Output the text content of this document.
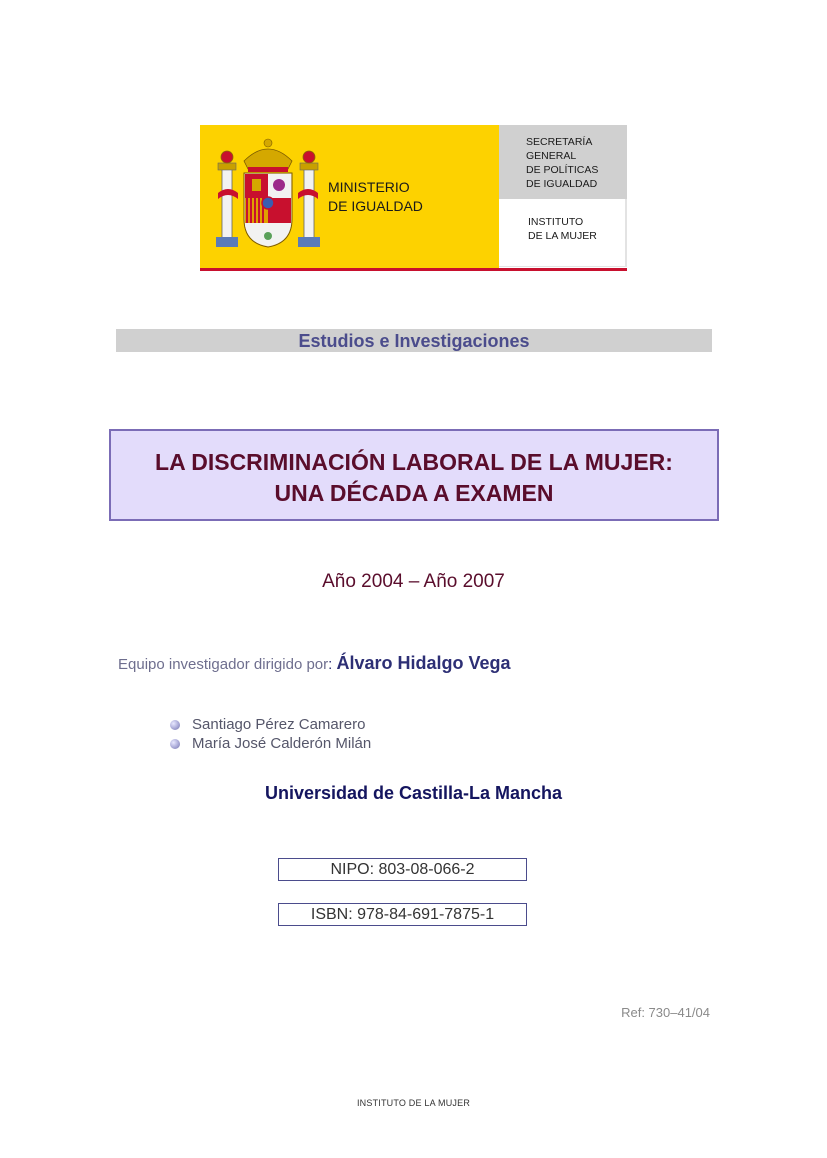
MINISTERIO
DE IGUALDAD
SECRETARÍA
GENERAL
DE POLÍTICAS
DE IGUALDAD
INSTITUTO
DE LA MUJER
Estudios e Investigaciones
LA DISCRIMINACIÓN LABORAL DE LA MUJER:
UNA DÉCADA A EXAMEN
Año 2004 – Año 2007
Equipo investigador dirigido por: Álvaro Hidalgo Vega
Santiago Pérez Camarero
María José Calderón Milán
Universidad de Castilla-La Mancha
NIPO: 803-08-066-2
ISBN: 978-84-691-7875-1
Ref: 730–41/04
INSTITUTO DE LA MUJER
